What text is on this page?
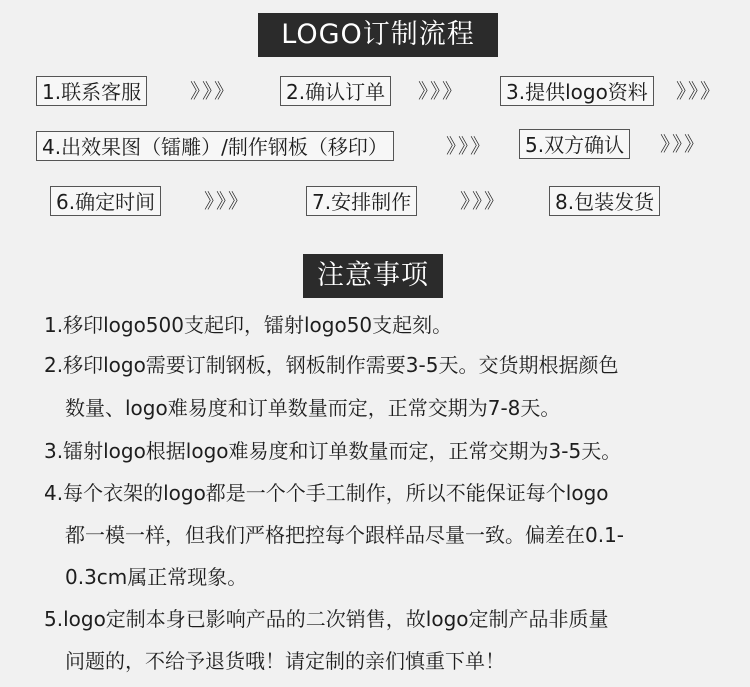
LOGO订制流程
1.联系客服	》》》	2.确认订单	》》》	3.提供logo资料	》》》
4.出效果图（镭雕）/制作钢板（移印）	》》》	5.双方确认	》》》
6.确定时间	》》》	7.安排制作	》》》	8.包装发货
注意事项
1.移印logo500支起印，镭射logo50支起刻。
2.移印logo需要订制钢板，钢板制作需要3-5天。交货期根据颜色
数量、logo难易度和订单数量而定，正常交期为7-8天。
3.镭射logo根据logo难易度和订单数量而定，正常交期为3-5天。
4.每个衣架的logo都是一个个手工制作，所以不能保证每个logo
都一模一样，但我们严格把控每个跟样品尽量一致。偏差在0.1-
0.3cm属正常现象。
5.logo定制本身已影响产品的二次销售，故logo定制产品非质量
问题的，不给予退货哦！请定制的亲们慎重下单！
